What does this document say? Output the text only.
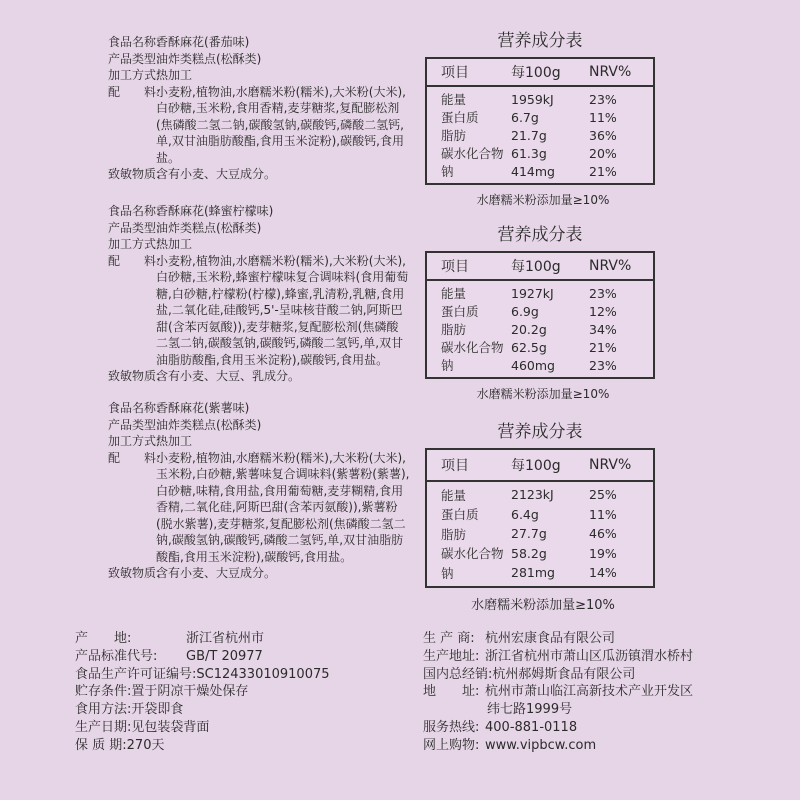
食品名称:
香酥麻花(番茄味)
产品类型:
油炸类糕点(松酥类)
加工方式:
热加工
配　　料:
小麦粉,植物油,水磨糯米粉(糯米),大米粉(大米),白砂糖,玉米粉,食用香精,麦芽糖浆,复配膨松剂(焦磷酸二氢二钠,碳酸氢钠,碳酸钙,磷酸二氢钙,单,双甘油脂肪酸酯,食用玉米淀粉),碳酸钙,食用盐。
致敏物质:
含有小麦、大豆成分。
食品名称:
香酥麻花(蜂蜜柠檬味)
产品类型:
油炸类糕点(松酥类)
加工方式:
热加工
配　　料:
小麦粉,植物油,水磨糯米粉(糯米),大米粉(大米),白砂糖,玉米粉,蜂蜜柠檬味复合调味料(食用葡萄糖,白砂糖,柠檬粉(柠檬),蜂蜜,乳清粉,乳糖,食用盐,二氧化硅,硅酸钙,5'-呈味核苷酸二钠,阿斯巴甜(含苯丙氨酸)),麦芽糖浆,复配膨松剂(焦磷酸二氢二钠,碳酸氢钠,碳酸钙,磷酸二氢钙,单,双甘油脂肪酸酯,食用玉米淀粉),碳酸钙,食用盐。
致敏物质:
含有小麦、大豆、乳成分。
食品名称:
香酥麻花(紫薯味)
产品类型:
油炸类糕点(松酥类)
加工方式:
热加工
配　　料:
小麦粉,植物油,水磨糯米粉(糯米),大米粉(大米),玉米粉,白砂糖,紫薯味复合调味料(紫薯粉(紫薯),白砂糖,味精,食用盐,食用葡萄糖,麦芽糊精,食用香精,二氧化硅,阿斯巴甜(含苯丙氨酸)),紫薯粉(脱水紫薯),麦芽糖浆,复配膨松剂(焦磷酸二氢二钠,碳酸氢钠,碳酸钙,磷酸二氢钙,单,双甘油脂肪酸酯,食用玉米淀粉),碳酸钙,食用盐。
致敏物质:
含有小麦、大豆成分。
营养成分表
项目	每100g	NRV%
能量	1959kJ	23%
蛋白质	6.7g	11%
脂肪	21.7g	36%
碳水化合物 61.3g	20%
钠	414mg	21%
水磨糯米粉添加量≥10%
营养成分表
项目	每100g	NRV%
能量	1927kJ	23%
蛋白质	6.9g	12%
脂肪	20.2g	34%
碳水化合物 62.5g	21%
钠	460mg	23%
水磨糯米粉添加量≥10%
营养成分表
项目	每100g	NRV%
能量	2123kJ	25%
蛋白质	6.4g	11%
脂肪	27.7g	46%
碳水化合物 58.2g	19%
钠	281mg	14%
水磨糯米粉添加量≥10%
产　　地:	浙江省杭州市
产品标准代号:	GB/T 20977
食品生产许可证编号: SC12433010910075
贮存条件: 置于阴凉干燥处保存
食用方法: 开袋即食
生产日期: 见包装袋背面
保 质 期: 270天
生 产 商: 杭州宏康食品有限公司
生产地址: 浙江省杭州市萧山区瓜沥镇渭水桥村
国内总经销: 杭州郝姆斯食品有限公司
地　　址: 杭州市萧山临江高新技术产业开发区
纬七路1999号
服务热线: 400-881-0118
网上购物: www.vipbcw.com
